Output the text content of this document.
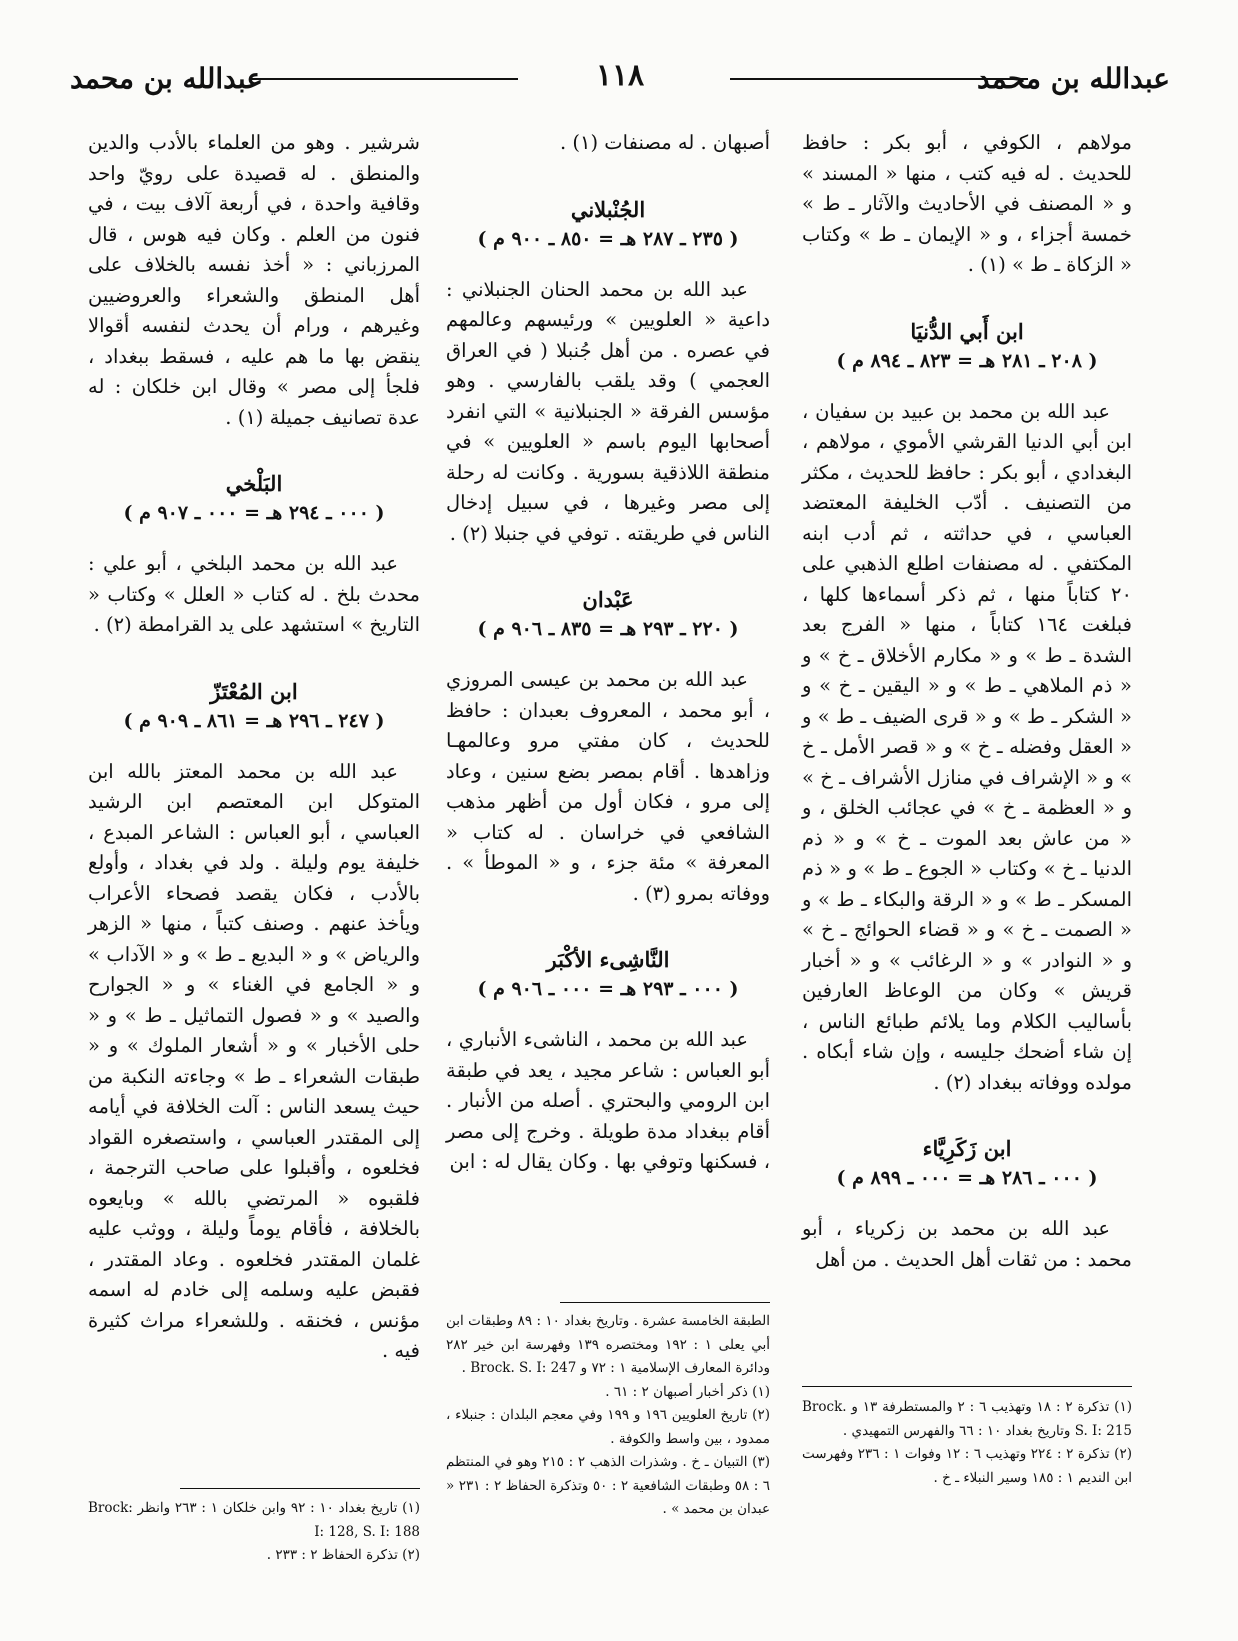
عبدالله بن محمد
١١٨
عبدالله بن محمد

مولاهم ، الكوفي ، أبو بكر : حافظ للحديث . له فيه كتب ، منها « المسند » و « المصنف في الأحاديث والآثار ـ ط » خمسة أجزاء ، و « الإيمان ـ ط » وكتاب « الزكاة ـ ط » (١) .

ابن أَبي الدُّنيَا
( ٢٠٨ ـ ٢٨١ هـ = ٨٢٣ ـ ٨٩٤ م )

عبد الله بن محمد بن عبيد بن سفيان ، ابن أبي الدنيا القرشي الأموي ، مولاهم ، البغدادي ، أبو بكر : حافظ للحديث ، مكثر من التصنيف . أدّب الخليفة المعتضد العباسي ، في حداثته ، ثم أدب ابنه المكتفي . له مصنفات اطلع الذهبي على ٢٠ كتاباً منها ، ثم ذكر أسماءها كلها ، فبلغت ١٦٤ كتاباً ، منها « الفرج بعد الشدة ـ ط » و « مكارم الأخلاق ـ خ » و « ذم الملاهي ـ ط » و « اليقين ـ خ » و « الشكر ـ ط » و « قرى الضيف ـ ط » و « العقل وفضله ـ خ » و « قصر الأمل ـ خ » و « الإشراف في منازل الأشراف ـ خ » و « العظمة ـ خ » في عجائب الخلق ، و « من عاش بعد الموت ـ خ » و « ذم الدنيا ـ خ » وكتاب « الجوع ـ ط » و « ذم المسكر ـ ط » و « الرقة والبكاء ـ ط » و « الصمت ـ خ » و « قضاء الحوائج ـ خ » و « النوادر » و « الرغائب » و « أخبار قريش » وكان من الوعاظ العارفين بأساليب الكلام وما يلائم طبائع الناس ، إن شاء أضحك جليسه ، وإن شاء أبكاه . مولده ووفاته ببغداد (٢) .

ابن زَكَرِيَّاء
( ٠٠٠ ـ ٢٨٦ هـ = ٠٠٠ ـ ٨٩٩ م )

عبد الله بن محمد بن زكرياء ، أبو محمد : من ثقات أهل الحديث . من أهل

(١) تذكرة ٢ : ١٨ وتهذيب ٦ : ٢ والمستطرفة ١٣ و Brock. S. I: 215 وتاريخ بغداد ١٠ : ٦٦ والفهرس التمهيدي .

(٢) تذكرة ٢ : ٢٢٤ وتهذيب ٦ : ١٢ وفوات ١ : ٢٣٦ وفهرست ابن النديم ١ : ١٨٥ وسير النبلاء ـ خ .

أصبهان . له مصنفات (١) .

الجُنْبلاني
( ٢٣٥ ـ ٢٨٧ هـ = ٨٥٠ ـ ٩٠٠ م )

عبد الله بن محمد الحنان الجنبلاني : داعية « العلويين » ورئيسهم وعالمهم في عصره . من أهل جُنبلا ( في العراق العجمي ) وقد يلقب بالفارسي . وهو مؤسس الفرقة « الجنبلانية » التي انفرد أصحابها اليوم باسم « العلويين » في منطقة اللاذقية بسورية . وكانت له رحلة إلى مصر وغيرها ، في سبيل إدخال الناس في طريقته . توفي في جنبلا (٢) .

عَبْدان
( ٢٢٠ ـ ٢٩٣ هـ = ٨٣٥ ـ ٩٠٦ م )

عبد الله بن محمد بن عيسى المروزي ، أبو محمد ، المعروف بعبدان : حافظ للحديث ، كان مفتي مرو وعالمهـا وزاهدها . أقام بمصر بضع سنين ، وعاد إلى مرو ، فكان أول من أظهر مذهب الشافعي في خراسان . له كتاب « المعرفة » مئة جزء ، و « الموطأ » . ووفاته بمرو (٣) .

النَّاشِىء الأكْبَر
( ٠٠٠ ـ ٢٩٣ هـ = ٠٠٠ ـ ٩٠٦ م )

عبد الله بن محمد ، الناشىء الأنباري ، أبو العباس : شاعر مجيد ، يعد في طبقة ابن الرومي والبحتري . أصله من الأنبار . أقام ببغداد مدة طويلة . وخرج إلى مصر ، فسكنها وتوفي بها . وكان يقال له : ابن

الطبقة الخامسة عشرة . وتاريخ بغداد ١٠ : ٨٩ وطبقات ابن أبي يعلى ١ : ١٩٢ ومختصره ١٣٩ وفهرسة ابن خير ٢٨٢ ودائرة المعارف الإسلامية ١ : ٧٢ و Brock. S. I: 247 .

(١) ذكر أخبار أصبهان ٢ : ٦١ .

(٢) تاريخ العلويين ١٩٦ و ١٩٩ وفي معجم البلدان : جنبلاء ، ممدود ، بين واسط والكوفة .

(٣) التبيان ـ خ . وشذرات الذهب ٢ : ٢١٥ وهو في المنتظم ٦ : ٥٨ وطبقات الشافعية ٢ : ٥٠ وتذكرة الحفاظ ٢ : ٢٣١ « عبدان بن محمد » .

شرشير . وهو من العلماء بالأدب والدين والمنطق . له قصيدة على رويّ واحد وقافية واحدة ، في أربعة آلاف بيت ، في فنون من العلم . وكان فيه هوس ، قال المرزباني : « أخذ نفسه بالخلاف على أهل المنطق والشعراء والعروضيين وغيرهم ، ورام أن يحدث لنفسه أقوالا ينقض بها ما هم عليه ، فسقط ببغداد ، فلجأ إلى مصر » وقال ابن خلكان : له عدة تصانيف جميلة (١) .

البَلْخي
( ٠٠٠ ـ ٢٩٤ هـ = ٠٠٠ ـ ٩٠٧ م )

عبد الله بن محمد البلخي ، أبو علي : محدث بلخ . له كتاب « العلل » وكتاب « التاريخ » استشهد على يد القرامطة (٢) .

ابن المُعْتَزّ
( ٢٤٧ ـ ٢٩٦ هـ = ٨٦١ ـ ٩٠٩ م )

عبد الله بن محمد المعتز بالله ابن المتوكل ابن المعتصم ابن الرشيد العباسي ، أبو العباس : الشاعر المبدع ، خليفة يوم وليلة . ولد في بغداد ، وأولع بالأدب ، فكان يقصد فصحاء الأعراب ويأخذ عنهم . وصنف كتباً ، منها « الزهر والرياض » و « البديع ـ ط » و « الآداب » و « الجامع في الغناء » و « الجوارح والصيد » و « فصول التماثيل ـ ط » و « حلى الأخبار » و « أشعار الملوك » و « طبقات الشعراء ـ ط » وجاءته النكبة من حيث يسعد الناس : آلت الخلافة في أيامه إلى المقتدر العباسي ، واستصغره القواد فخلعوه ، وأقبلوا على صاحب الترجمة ، فلقبوه « المرتضي بالله » وبايعوه بالخلافة ، فأقام يوماً وليلة ، ووثب عليه غلمان المقتدر فخلعوه . وعاد المقتدر ، فقبض عليه وسلمه إلى خادم له اسمه مؤنس ، فخنقه . وللشعراء مراث كثيرة فيه .

(١) تاريخ بغداد ١٠ : ٩٢ وابن خلكان ١ : ٢٦٣ وانظر Brock: I: 128, S. I: 188

(٢) تذكرة الحفاظ ٢ : ٢٣٣ .
